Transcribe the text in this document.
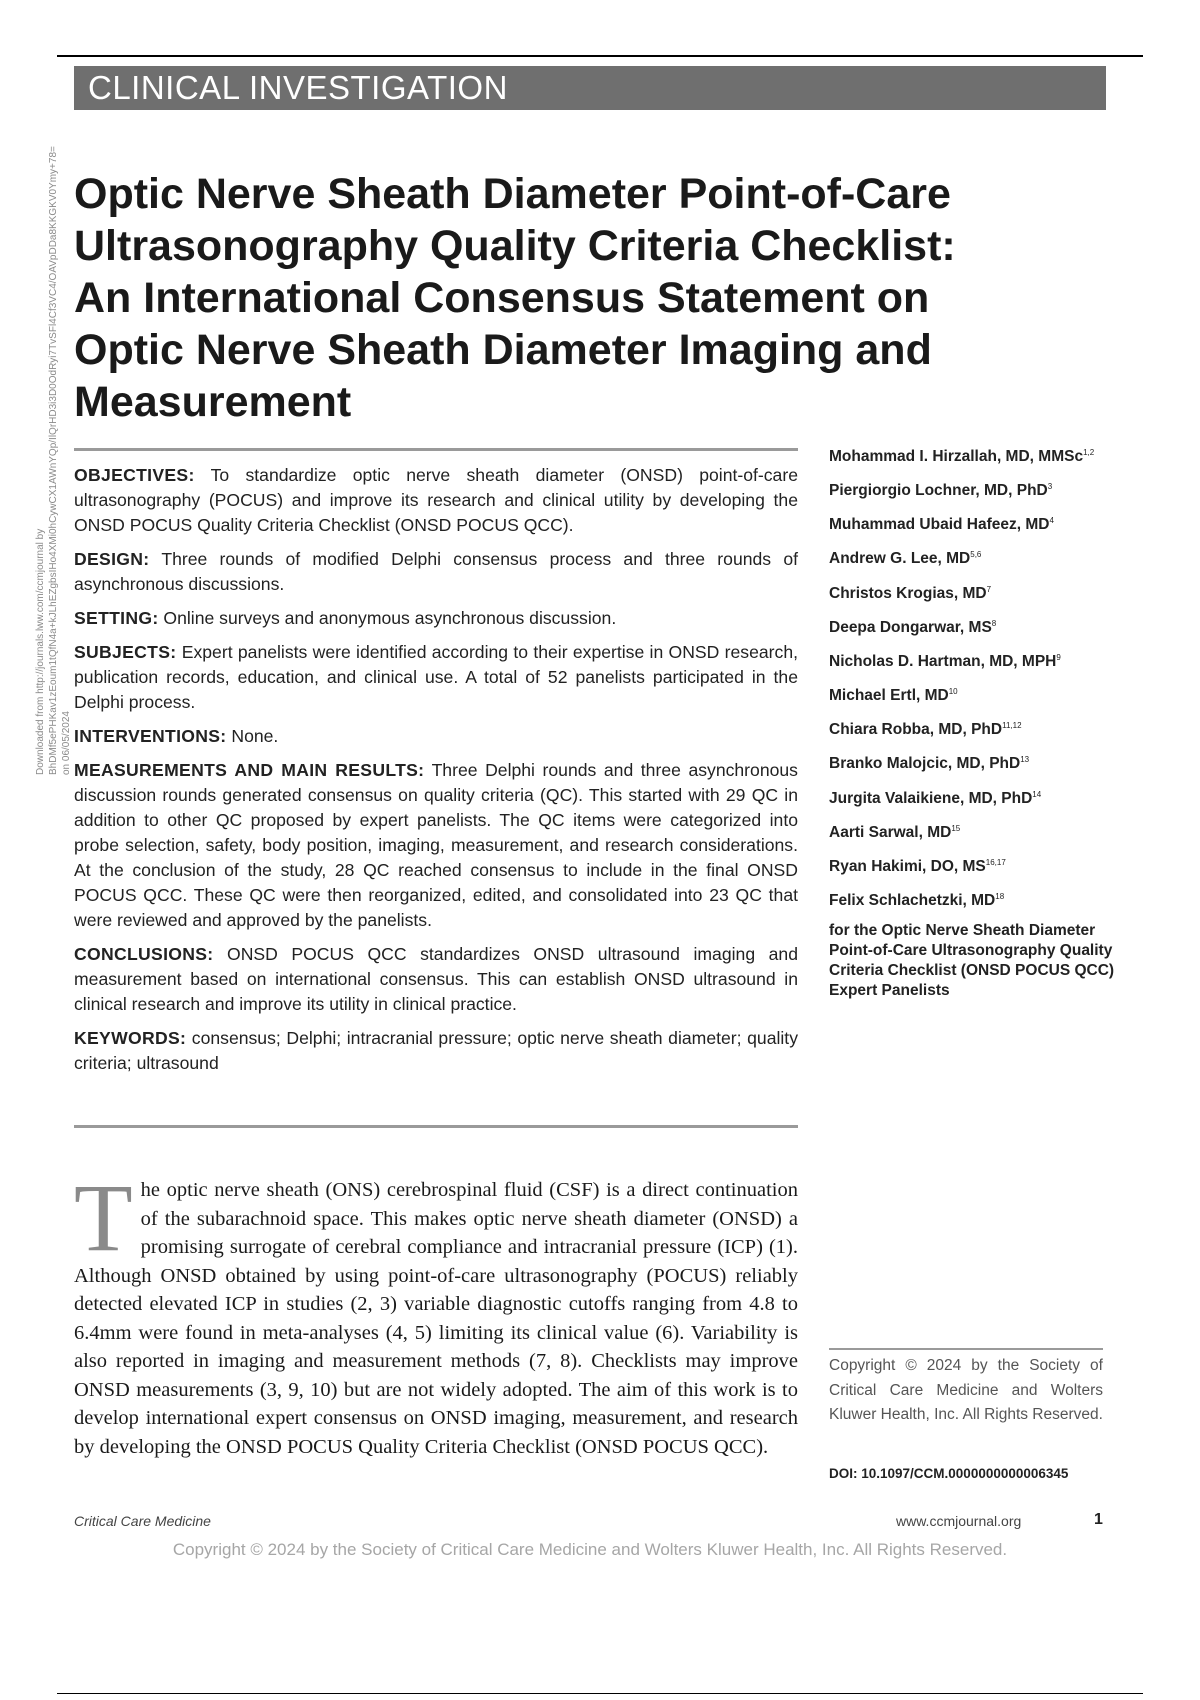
CLINICAL INVESTIGATION
Optic Nerve Sheath Diameter Point-of-Care
Ultrasonography Quality Criteria Checklist:
An International Consensus Statement on
Optic Nerve Sheath Diameter Imaging and
Measurement
Downloaded from http://journals.lww.com/ccmjournal by BhDMf5ePHKav1zEoum1tQfN4a+kJLhEZgbsIHo4XMi0hCywCX1AWnYQp/IlQrHD3i3D0OdRyi7TvSFl4Cf3VC4/OAVpDDa8KKGKV0Ymy+78= on 06/05/2024

OBJECTIVES: To standardize optic nerve sheath diameter (ONSD) point-of-care ultrasonography (POCUS) and improve its research and clinical utility by developing the ONSD POCUS Quality Criteria Checklist (ONSD POCUS QCC).

DESIGN: Three rounds of modified Delphi consensus process and three rounds of asynchronous discussions.

SETTING: Online surveys and anonymous asynchronous discussion.

SUBJECTS: Expert panelists were identified according to their expertise in ONSD research, publication records, education, and clinical use. A total of 52 panelists participated in the Delphi process.

INTERVENTIONS: None.

MEASUREMENTS AND MAIN RESULTS: Three Delphi rounds and three asynchronous discussion rounds generated consensus on quality criteria (QC). This started with 29 QC in addition to other QC proposed by expert panelists. The QC items were categorized into probe selection, safety, body position, imaging, measurement, and research considerations. At the conclusion of the study, 28 QC reached consensus to include in the final ONSD POCUS QCC. These QC were then reorganized, edited, and consolidated into 23 QC that were reviewed and approved by the panelists.

CONCLUSIONS: ONSD POCUS QCC standardizes ONSD ultrasound imaging and measurement based on international consensus. This can establish ONSD ultrasound in clinical research and improve its utility in clinical practice.

KEYWORDS: consensus; Delphi; intracranial pressure; optic nerve sheath diameter; quality criteria; ultrasound

Mohammad I. Hirzallah, MD, MMSc$^{1,2}$
Piergiorgio Lochner, MD, PhD$^3$
Muhammad Ubaid Hafeez, $MD^4$
Andrew G. Lee, MD$^{5,6}$
Christos Krogias, $MD^7$
Deepa Dongarwar, $MS^8$
Nicholas D. Hartman, MD, MPH$^9$
Michael Ertl, MD$^{10}$
Chiara Robba, MD, PhD$^{11,12}$
Branko Malojcic, MD, PhD$^{13}$
Jurgita Valaikiene, MD, PhD$^{14}$
Aarti Sarwal, MD$^{15}$
Ryan Hakimi, DO, MS$^{16,17}$
Felix Schlachetzki, MD$^{18}$
for the Optic Nerve Sheath Diameter Point-of-Care Ultrasonography Quality Criteria Checklist (ONSD POCUS QCC) Expert Panelists

The optic nerve sheath (ONS) cerebrospinal fluid (CSF) is a direct continuation of the subarachnoid space. This makes optic nerve sheath diameter (ONSD) a promising surrogate of cerebral compliance and intracranial pressure (ICP) (1). Although ONSD obtained by using point-of-care ultrasonography (POCUS) reliably detected elevated ICP in studies (2, 3) variable diagnostic cutoffs ranging from 4.8 to 6.4mm were found in meta-analyses (4, 5) limiting its clinical value (6). Variability is also reported in imaging and measurement methods (7, 8). Checklists may improve ONSD measurements (3, 9, 10) but are not widely adopted. The aim of this work is to develop international expert consensus on ONSD imaging, measurement, and research by developing the ONSD POCUS Quality Criteria Checklist (ONSD POCUS QCC).

Copyright © 2024 by the Society of Critical Care Medicine and Wolters Kluwer Health, Inc. All Rights Reserved.
DOI: 10.1097/CCM.0000000000006345
Critical Care Medicine	www.ccmjournal.org	1
Copyright © 2024 by the Society of Critical Care Medicine and Wolters Kluwer Health, Inc. All Rights Reserved.
